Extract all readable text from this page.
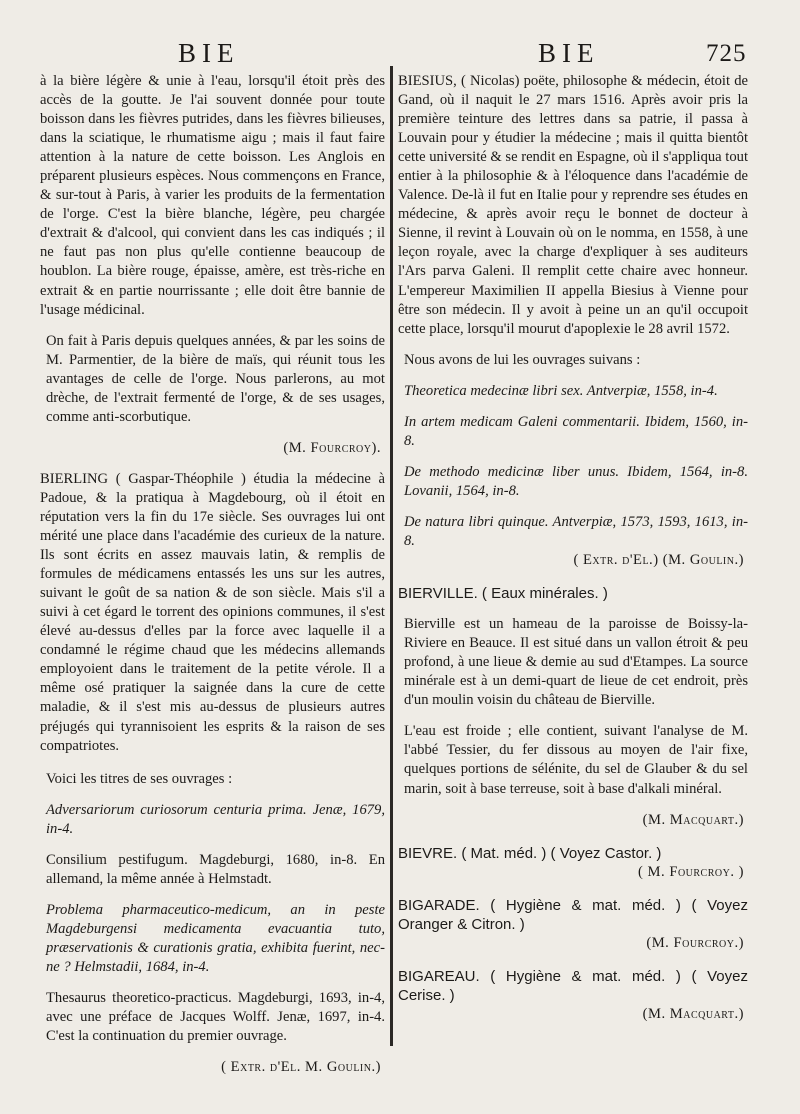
BIE	BIE	725

à la bière légère & unie à l'eau, lorsqu'il étoit près des accès de la goutte. Je l'ai souvent donnée pour toute boisson dans les fièvres putrides, dans les fièvres bilieuses, dans la sciatique, le rhumatisme aigu ; mais il faut faire attention à la nature de cette boisson. Les Anglois en préparent plusieurs espèces. Nous commençons en France, & sur-tout à Paris, à varier les produits de la fermentation de l'orge. C'est la bière blanche, légère, peu chargée d'extrait & d'alcool, qui convient dans les cas indiqués ; il ne faut pas non plus qu'elle contienne beaucoup de houblon. La bière rouge, épaisse, amère, est très-riche en extrait & en partie nourrissante ; elle doit être bannie de l'usage médicinal.

On fait à Paris depuis quelques années, & par les soins de M. Parmentier, de la bière de maïs, qui réunit tous les avantages de celle de l'orge. Nous parlerons, au mot drèche, de l'extrait fermenté de l'orge, & de ses usages, comme anti-scorbutique.

(M. Fourcroy).

BIERLING ( Gaspar-Théophile ) étudia la médecine à Padoue, & la pratiqua à Magdebourg, où il étoit en réputation vers la fin du 17e siècle. Ses ouvrages lui ont mérité une place dans l'académie des curieux de la nature. Ils sont écrits en assez mauvais latin, & remplis de formules de médicamens entassés les uns sur les autres, suivant le goût de sa nation & de son siècle. Mais s'il a suivi à cet égard le torrent des opinions communes, il s'est élevé au-dessus d'elles par la force avec laquelle il a condamné le régime chaud que les médecins allemands employoient dans le traitement de la petite vérole. Il a même osé pratiquer la saignée dans la cure de cette maladie, & il s'est mis au-dessus de plusieurs autres préjugés qui tyrannisoient les esprits & la raison de ses compatriotes.

Voici les titres de ses ouvrages :

Adversariorum curiosorum centuria prima. Jenæ, 1679, in-4.

Consilium pestifugum. Magdeburgi, 1680, in-8. En allemand, la même année à Helmstadt.

Problema pharmaceutico-medicum, an in peste Magdeburgensi medicamenta evacuantia tuto, præservationis & curationis gratia, exhibita fuerint, nec-ne ? Helmstadii, 1684, in-4.

Thesaurus theoretico-practicus. Magdeburgi, 1693, in-4, avec une préface de Jacques Wolff. Jenæ, 1697, in-4. C'est la continuation du premier ouvrage.

( Extr. d'El. M. Goulin.)

BIESIUS, ( Nicolas) poëte, philosophe & médecin, étoit de Gand, où il naquit le 27 mars 1516. Après avoir pris la première teinture des lettres dans sa patrie, il passa à Louvain pour y étudier la médecine ; mais il quitta bientôt cette université & se rendit en Espagne, où il s'appliqua tout entier à la philosophie & à l'éloquence dans l'académie de Valence. De-là il fut en Italie pour y reprendre ses études en médecine, & après avoir reçu le bonnet de docteur à Sienne, il revint à Louvain où on le nomma, en 1558, à une leçon royale, avec la charge d'expliquer à ses auditeurs l'Ars parva Galeni. Il remplit cette chaire avec honneur. L'empereur Maximilien II appella Biesius à Vienne pour être son médecin. Il y avoit à peine un an qu'il occupoit cette place, lorsqu'il mourut d'apoplexie le 28 avril 1572.

Nous avons de lui les ouvrages suivans :

Theoretica medecinæ libri sex. Antverpiæ, 1558, in-4.

In artem medicam Galeni commentarii. Ibidem, 1560, in-8.

De methodo medicinæ liber unus. Ibidem, 1564, in-8. Lovanii, 1564, in-8.

De natura libri quinque. Antverpiæ, 1573, 1593, 1613, in-8.

( Extr. d'El.) (M. Goulin.)

BIERVILLE. ( Eaux minérales. )

Bierville est un hameau de la paroisse de Boissy-la-Riviere en Beauce. Il est situé dans un vallon étroit & peu profond, à une lieue & demie au sud d'Etampes. La source minérale est à un demi-quart de lieue de cet endroit, près d'un moulin voisin du château de Bierville.

L'eau est froide ; elle contient, suivant l'analyse de M. l'abbé Tessier, du fer dissous au moyen de l'air fixe, quelques portions de sélénite, du sel de Glauber & du sel marin, soit à base terreuse, soit à base d'alkali minéral.

(M. Macquart.)

BIEVRE. ( Mat. méd. ) ( Voyez Castor. )

( M. Fourcroy. )

BIGARADE. ( Hygiène & mat. méd. ) ( Voyez Oranger & Citron. )

(M. Fourcroy.)

BIGAREAU. ( Hygiène & mat. méd. ) ( Voyez Cerise. )

(M. Macquart.)
